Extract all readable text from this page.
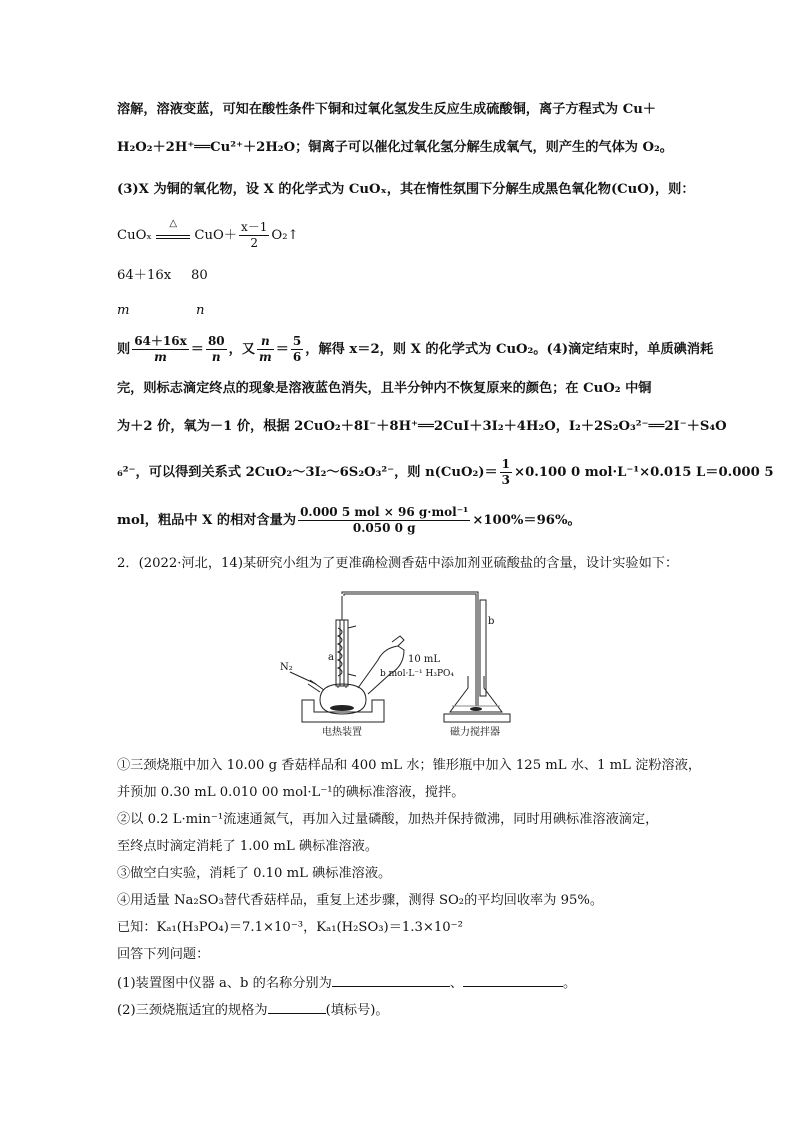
溶解，溶液变蓝，可知在酸性条件下铜和过氧化氢发生反应生成硫酸铜，离子方程式为 Cu＋
H₂O₂＋2H⁺══Cu²⁺＋2H₂O；铜离子可以催化过氧化氢分解生成氧气，则产生的气体为 O₂。
(3)X 为铜的氧化物，设 X 的化学式为 CuOₓ，其在惰性氛围下分解生成黑色氧化物(CuO)，则：
CuOₓ
△
$CuO+ \frac{x-1}{2}$ O₂↑
64＋16x 80
m	n
则 $\frac{64+16x}{m} = \frac{80}{n}$ ，又 $\frac{n}{m} = \frac{5}{6}$ ，解得 x＝2，则 X 的化学式为 CuO₂。(4)滴定结束时，单质碘消耗
完，则标志滴定终点的现象是溶液蓝色消失，且半分钟内不恢复原来的颜色；在 CuO₂ 中铜
为＋2 价，氧为－1 价，根据 2CuO₂＋8I⁻＋8H⁺══2CuI＋3I₂＋4H₂O，I₂＋2S₂O₃²⁻══2I⁻＋S₄O
₆²⁻，可以得到关系式 2CuO₂～3I₂～6S₂O₃²⁻，则 $n(CuO_2)= \frac{1}{3} \times 0.100$ 0 mol·L⁻¹×0.015 L＝0.000 5
mol，粗品中 X 的相对含量为 $\frac{\text{0.000 5 mol × 96 g·mol⁻¹}}{0.050 0 g} \times 100\%=96\%$。
2．(2022·河北，14)某研究小组为了更准确检测香菇中添加剂亚硫酸盐的含量，设计实验如下：
a
b
N₂
10 mL
b mol·L⁻¹ H₃PO₄
电热装置	磁力搅拌器
①三颈烧瓶中加入 10.00 g 香菇样品和 400 mL 水；锥形瓶中加入 125 mL 水、1 mL 淀粉溶液，
并预加 0.30 mL 0.010 00 mol·L⁻¹的碘标准溶液，搅拌。
②以 0.2 L·min⁻¹流速通氮气，再加入过量磷酸，加热并保持微沸，同时用碘标准溶液滴定，
至终点时滴定消耗了 1.00 mL 碘标准溶液。
③做空白实验，消耗了 0.10 mL 碘标准溶液。
④用适量 Na₂SO₃替代香菇样品，重复上述步骤，测得 SO₂的平均回收率为 95%。
已知：Kₐ₁(H₃PO₄)＝7.1×10⁻³，Kₐ₁(H₂SO₃)＝1.3×10⁻²
回答下列问题：
(1)装置图中仪器 a、b 的名称分别为	、	。
(2)三颈烧瓶适宜的规格为	(填标号)。
